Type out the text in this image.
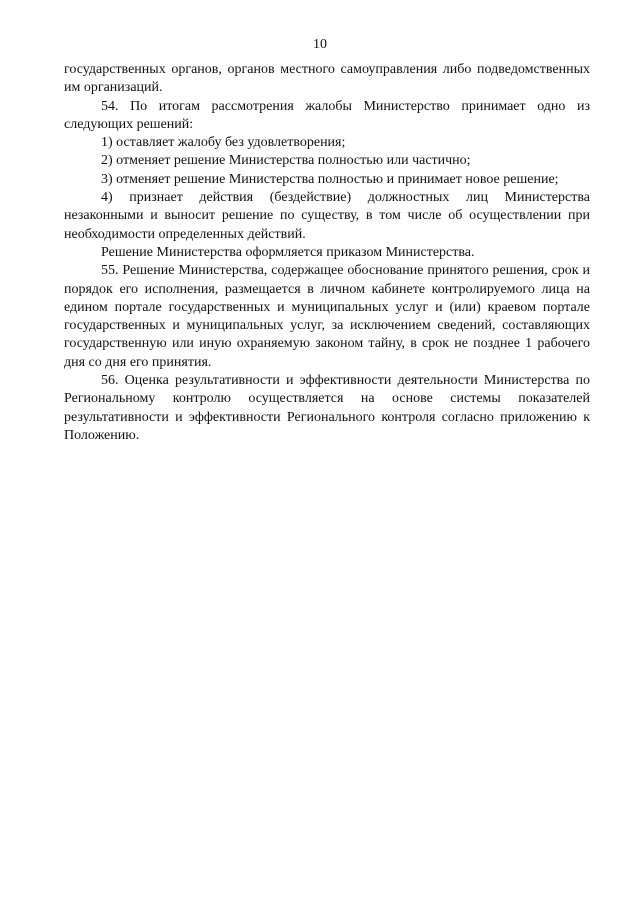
10

государственных органов, органов местного самоуправления либо подведомственных им организаций.

54. По итогам рассмотрения жалобы Министерство принимает одно из следующих решений:

1) оставляет жалобу без удовлетворения;

2) отменяет решение Министерства полностью или частично;

3) отменяет решение Министерства полностью и принимает новое решение;

4) признает действия (бездействие) должностных лиц Министерства незаконными и выносит решение по существу, в том числе об осуществлении при необходимости определенных действий.

Решение Министерства оформляется приказом Министерства.

55. Решение Министерства, содержащее обоснование принятого решения, срок и порядок его исполнения, размещается в личном кабинете контролируемого лица на едином портале государственных и муниципальных услуг и (или) краевом портале государственных и муниципальных услуг, за исключением сведений, составляющих государственную или иную охраняемую законом тайну, в срок не позднее 1 рабочего дня со дня его принятия.

56. Оценка результативности и эффективности деятельности Министерства по Региональному контролю осуществляется на основе системы показателей результативности и эффективности Регионального контроля согласно приложению к Положению.
